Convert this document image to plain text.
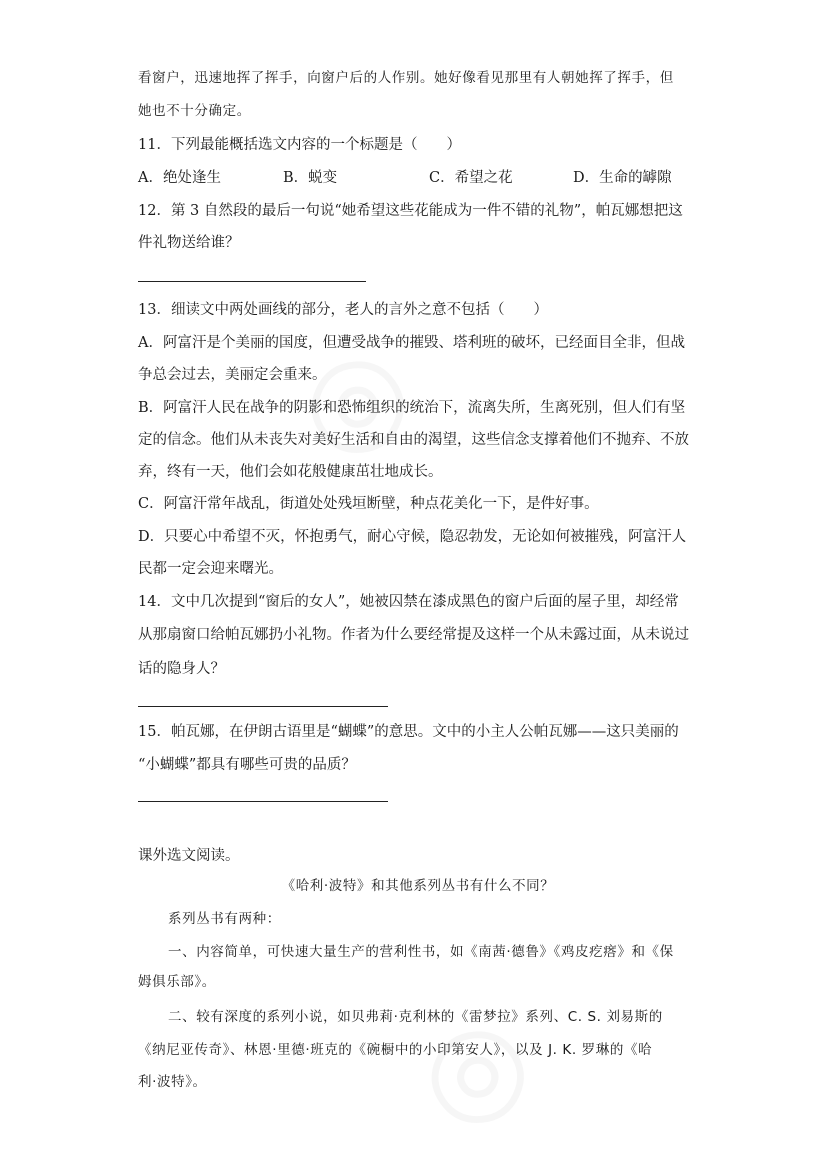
看窗户，迅速地挥了挥手，向窗户后的人作别。她好像看见那里有人朝她挥了挥手，但
她也不十分确定。
11．下列最能概括选文内容的一个标题是（　　）
A．绝处逢生	B．蜕变	C．希望之花	D．生命的罅隙
12．第 3 自然段的最后一句说“她希望这些花能成为一件不错的礼物”，帕瓦娜想把这
件礼物送给谁？
13．细读文中两处画线的部分，老人的言外之意不包括（　　）
A．阿富汗是个美丽的国度，但遭受战争的摧毁、塔利班的破坏，已经面目全非，但战
争总会过去，美丽定会重来。
B．阿富汗人民在战争的阴影和恐怖组织的统治下，流离失所，生离死别，但人们有坚
定的信念。他们从未丧失对美好生活和自由的渴望，这些信念支撑着他们不抛弃、不放
弃，终有一天，他们会如花般健康茁壮地成长。
C．阿富汗常年战乱，街道处处残垣断壁，种点花美化一下，是件好事。
D．只要心中希望不灭，怀抱勇气，耐心守候，隐忍勃发，无论如何被摧残，阿富汗人
民都一定会迎来曙光。
14．文中几次提到“窗后的女人”，她被囚禁在漆成黑色的窗户后面的屋子里，却经常
从那扇窗口给帕瓦娜扔小礼物。作者为什么要经常提及这样一个从未露过面，从未说过
话的隐身人？
15．帕瓦娜，在伊朗古语里是“蝴蝶”的意思。文中的小主人公帕瓦娜——这只美丽的
“小蝴蝶”都具有哪些可贵的品质？
课外选文阅读。
《哈利·波特》和其他系列丛书有什么不同？
系列丛书有两种：
一、内容简单，可快速大量生产的营利性书，如《南茜·德鲁》《鸡皮疙瘩》和《保
姆俱乐部》。
二、较有深度的系列小说，如贝弗莉·克利林的《雷梦拉》系列、C. S. 刘易斯的
《纳尼亚传奇》、林恩·里德·班克的《碗橱中的小印第安人》，以及 J. K. 罗琳的《哈
利·波特》。
